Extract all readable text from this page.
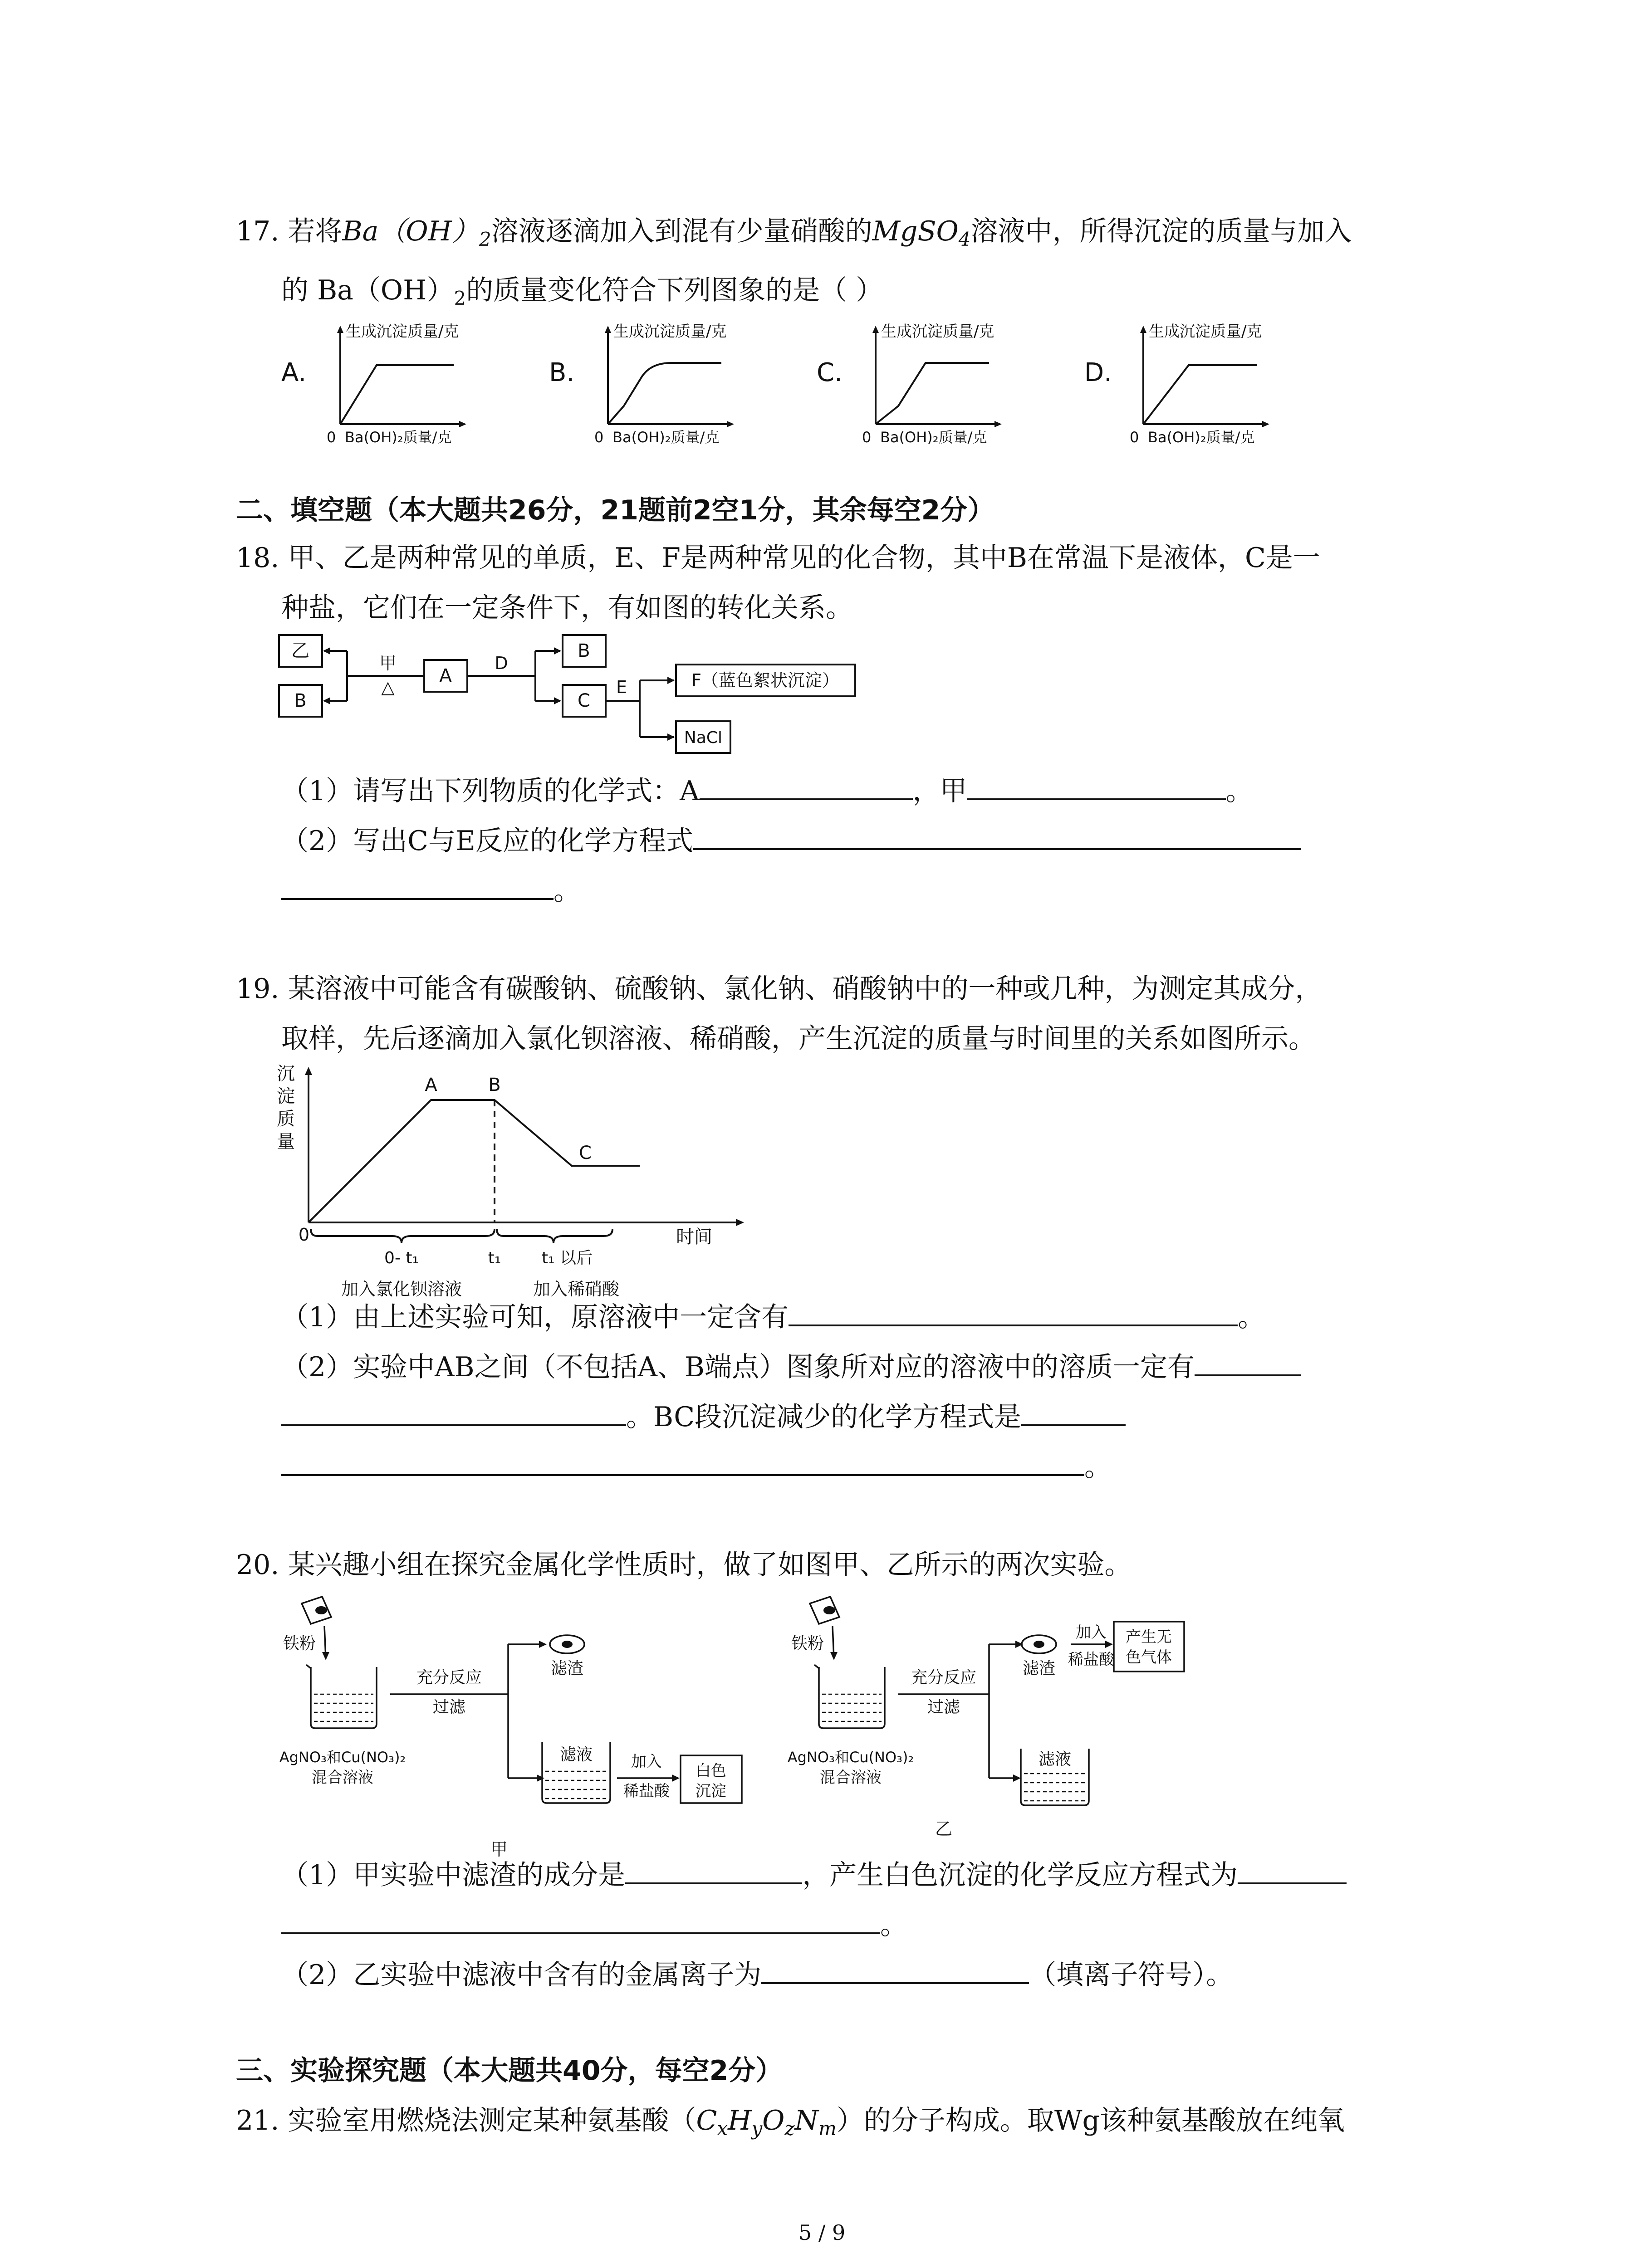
17. 若将$Ba(OH)_2$溶液逐滴加入到混有少量硝酸的MgSO$_4$溶液中，所得沉淀的质量与加入
的 $Ba(OH)_2$的质量变化符合下列图象的是（ ）
A.
生成沉淀质量/克
Ba(OH)₂质量/克
0
B.
生成沉淀质量/克
Ba(OH)₂质量/克
0
C.
生成沉淀质量/克
Ba(OH)₂质量/克
0
D.
生成沉淀质量/克
Ba(OH)₂质量/克
0
二、填空题（本大题共26分，21题前2空1分，其余每空2分）
18. 甲、乙是两种常见的单质，E、F是两种常见的化合物，其中B在常温下是液体，C是一
种盐，它们在一定条件下，有如图的转化关系。
乙
B
甲
△
A
D
B
C
E	F（蓝色絮状沉淀）
NaCl
（1）请写出下列物质的化学式：A	，甲	。
（2）写出C与E反应的化学方程式
。
19. 某溶液中可能含有碳酸钠、硫酸钠、氯化钠、硝酸钠中的一种或几种，为测定其成分，
取样，先后逐滴加入氯化钡溶液、稀硝酸，产生沉淀的质量与时间里的关系如图所示。
沉
淀
质
量
0
A	B
C
时间
0- t₁	t₁ t₁ 以后
加入氯化钡溶液	加入稀硝酸
（1）由上述实验可知，原溶液中一定含有	。
（2）实验中AB之间（不包括A、B端点）图象所对应的溶液中的溶质一定有
。BC段沉淀减少的化学方程式是
。
20. 某兴趣小组在探究金属化学性质时，做了如图甲、乙所示的两次实验。
铁粉
充分反应
过滤
滤渣
滤液 加入
稀盐酸
白色
沉淀
AgNO₃和Cu(NO₃)₂
混合溶液
甲
铁粉
充分反应
过滤
滤渣
滤液
加入
稀盐酸
产生无
色气体
AgNO₃和Cu(NO₃)₂
混合溶液
乙
（1）甲实验中滤渣的成分是	，产生白色沉淀的化学反应方程式为
。
（2）乙实验中滤液中含有的金属离子为	（填离子符号）。
三、实验探究题（本大题共40分，每空2分）
21. 实验室用燃烧法测定某种氨基酸$(C_xH_yO_zN_m)$的分子构成。取Wg该种氨基酸放在纯氧
5 / 9
